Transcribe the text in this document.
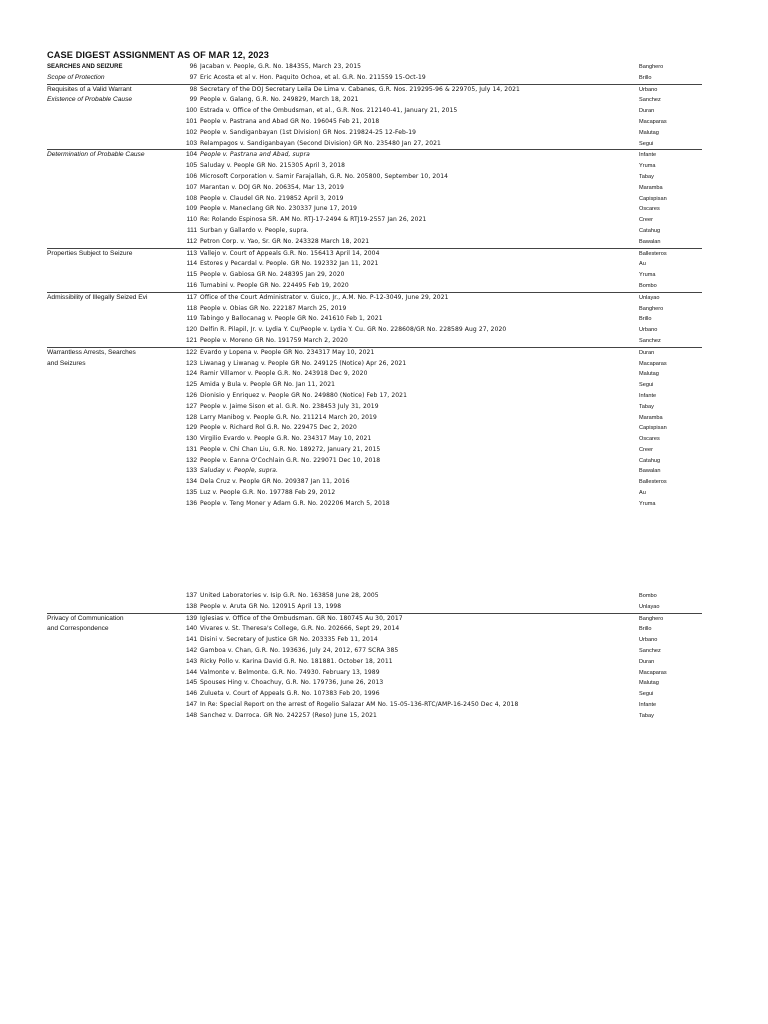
CASE DIGEST ASSIGNMENT AS OF MAR 12, 2023
SEARCHES AND SEIZURE	96 Jacaban v. People, G.R. No. 184355, March 23, 2015	Banghero
Scope of Protection	97 Eric Acosta et al v. Hon. Paquito Ochoa, et al. G.R. No. 211559 15-Oct-19	Brillo
Requisites of a Valid Warrant	98 Secretary of the DOJ Secretary Leila De Lima v. Cabanes, G.R. Nos. 219295-96 & 229705, July 14, 2021	Urbano
Existence of Probable Cause	99 People v. Galang, G.R. No. 249829, March 18, 2021	Sanchez
100 Estrada v. Office of the Ombudsman, et al., G.R. Nos. 212140-41, January 21, 2015	Duran
101 People v. Pastrana and Abad GR No. 196045 Feb 21, 2018	Macaparas
102 People v. Sandiganbayan (1st Division) GR Nos. 219824-25 12-Feb-19	Malutag
103 Relampagos v. Sandiganbayan (Second Division) GR No. 235480 Jan 27, 2021	Segui
Determination of Probable Cause	104 People v. Pastrana and Abad, supra	Infante
105 Saluday v. People GR No. 215305 April 3, 2018	Yruma
106 Microsoft Corporation v. Samir Farajallah, G.R. No. 205800, September 10, 2014	Tabay
107 Marantan v. DOJ GR No. 206354, Mar 13, 2019	Maramba
108 People v. Claudel GR No. 219852 April 3, 2019	Capispisan
109 People v. Maneclang GR No. 230337 June 17, 2019	Oscares
110 Re: Rolando Espinosa SR. AM No. RTJ-17-2494 & RTJ19-2557 Jan 26, 2021	Creer
111 Surban y Gallardo v. People, supra.	Catahug
112 Petron Corp. v. Yao, Sr. GR No. 243328 March 18, 2021	Bawalan
Properties Subject to Seizure	113 Vallejo v. Court of Appeals G.R. No. 156413 April 14, 2004	Ballesteros
114 Estores y Pecardal v. People. GR No. 192332 Jan 11, 2021	Au
115 People v. Gabiosa GR No. 248395 Jan 29, 2020	Yruma
116 Tumabini v. People GR No. 224495 Feb 19, 2020	Bombo
Admissibility of Illegally Seized Evi	117 Office of the Court Administrator v. Guico, Jr., A.M. No. P-12-3049, June 29, 2021	Unlayao
118 People v. Obias GR No. 222187 March 25, 2019	Banghero
119 Tabingo y Ballocanag v. People GR No. 241610 Feb 1, 2021	Brillo
120 Delfin R. Pilapil, Jr. v. Lydia Y. Cu/People v. Lydia Y. Cu. GR No. 228608/GR No. 228589 Aug 27, 2020	Urbano
121 People v. Moreno GR No. 191759 March 2, 2020	Sanchez
Warrantless Arrests, Searches	122 Evardo y Lopena v. People GR No. 234317 May 10, 2021	Duran
and Seizures	123 Liwanag y Liwanag v. People GR No. 249125 (Notice) Apr 26, 2021	Macaparas
124 Ramir Villamor v. People G.R. No. 243918 Dec 9, 2020	Malutag
125 Amida y Bula v. People GR No. Jan 11, 2021	Segui
126 Dionisio y Enriquez v. People GR No. 249880 (Notice) Feb 17, 2021	Infante
127 People v. Jaime Sison et al. G.R. No. 238453 July 31, 2019	Tabay
128 Larry Manibog v. People G.R. No. 211214 March 20, 2019	Maramba
129 People v. Richard Rol G.R. No. 229475 Dec 2, 2020	Capispisan
130 Virgilio Evardo v. People G.R. No. 234317 May 10, 2021	Oscares
131 People v. Chi Chan Liu, G.R. No. 189272, January 21, 2015	Creer
132 People v. Eanna O'Cochlain G.R. No. 229071 Dec 10, 2018	Catahug
133 Saluday v. People, supra.	Bawalan
134 Dela Cruz v. People GR No. 209387 Jan 11, 2016	Ballesteros
135 Luz v. People G.R. No. 197788 Feb 29, 2012	Au
136 People v. Teng Moner y Adam G.R. No. 202206 March 5, 2018	Yruma
137 United Laboratories v. Isip G.R. No. 163858 June 28, 2005	Bombo
138 People v. Aruta GR No. 120915 April 13, 1998	Unlayao
Privacy of Communication	139 Iglesias v. Office of the Ombudsman. GR No. 180745 Au 30, 2017	Banghero
and Correspondence	140 Vivares v. St. Theresa's College, G.R. No. 202666, Sept 29, 2014	Brillo
141 Disini v. Secretary of Justice GR No. 203335 Feb 11, 2014	Urbano
142 Gamboa v. Chan, G.R. No. 193636, July 24, 2012, 677 SCRA 385	Sanchez
143 Ricky Pollo v. Karina David G.R. No. 181881. October 18, 2011	Duran
144 Valmonte v. Belmonte. G.R. No. 74930. February 13, 1989	Macaparas
145 Spouses Hing v. Choachuy, G.R. No. 179736, June 26, 2013	Malutag
146 Zulueta v. Court of Appeals G.R. No. 107383 Feb 20, 1996	Segui
147 In Re: Special Report on the arrest of Rogelio Salazar AM No. 15-05-136-RTC/AMP-16-2450 Dec 4, 2018	Infante
148 Sanchez v. Darroca. GR No. 242257 (Reso) June 15, 2021	Tabay
